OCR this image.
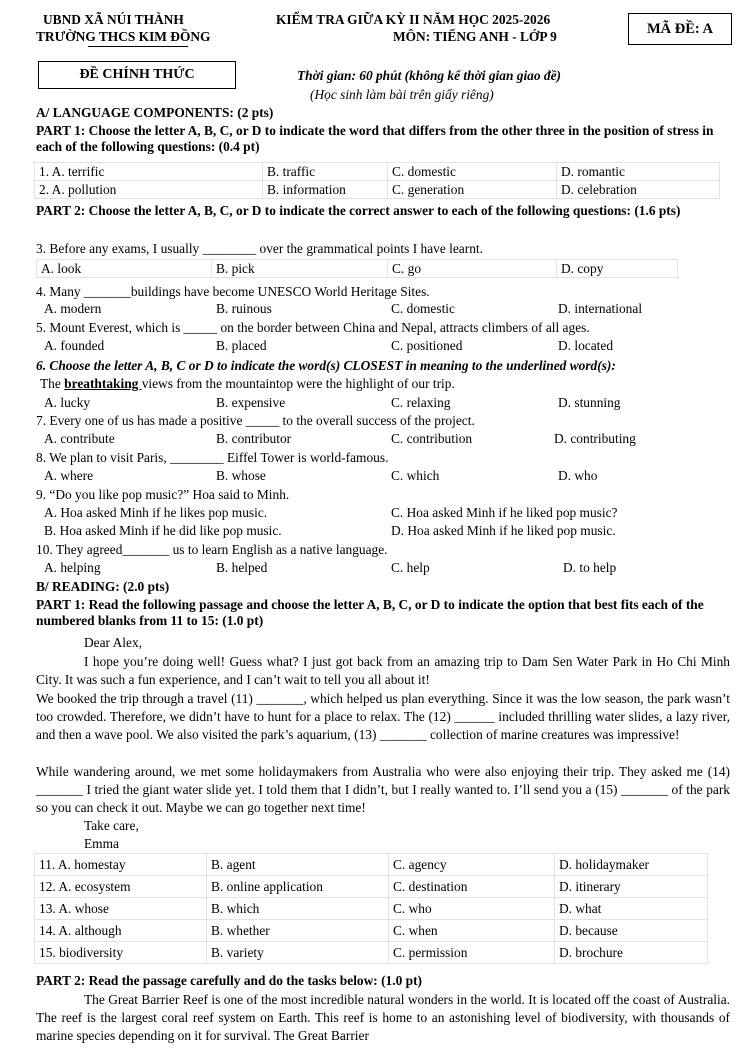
UBND XÃ NÚI THÀNH
TRƯỜNG THCS KIM ĐỒNG
KIỂM TRA GIỮA KỲ II NĂM HỌC 2025-2026
MÔN: TIẾNG ANH - LỚP 9	MÃ ĐỀ: A
ĐỀ CHÍNH THỨC	Thời gian: 60 phút (không kể thời gian giao đề)
(Học sinh làm bài trên giấy riêng)
A/ LANGUAGE COMPONENTS: (2 pts)
PART 1: Choose the letter A, B, C, or D to indicate the word that differs from the other three in the position of stress in each of the following questions: (0.4 pt)
1. A. terrific	B. traffic	C. domestic	D. romantic
2. A. pollution	B. information	C. generation	D. celebration
PART 2: Choose the letter A, B, C, or D to indicate the correct answer to each of the following questions: (1.6 pts)
3. Before any exams, I usually ________ over the grammatical points I have learnt.
A. look	B. pick	C. go	D. copy
4. Many _______buildings have become UNESCO World Heritage Sites.
A. modern	B. ruinous	C. domestic	D. international
5. Mount Everest, which is _____ on the border between China and Nepal, attracts climbers of all ages.
A. founded	B. placed	C. positioned	D. located
6. Choose the letter A, B, C or D to indicate the word(s) CLOSEST in meaning to the underlined word(s):
The breathtaking views from the mountaintop were the highlight of our trip.
A. lucky	B. expensive	C. relaxing	D. stunning
7. Every one of us has made a positive _____ to the overall success of the project.
A. contribute	B. contributor	C. contribution	D. contributing
8. We plan to visit Paris, ________ Eiffel Tower is world-famous.
A. where	B. whose	C. which	D. who
9. “Do you like pop music?” Hoa said to Minh.
A. Hoa asked Minh if he likes pop music.	C. Hoa asked Minh if he liked pop music?
B. Hoa asked Minh if he did like pop music.	D. Hoa asked Minh if he liked pop music.
10. They agreed_______ us to learn English as a native language.
A. helping	B. helped	C. help	D. to help
B/ READING: (2.0 pts)
PART 1: Read the following passage and choose the letter A, B, C, or D to indicate the option that best fits each of the numbered blanks from 11 to 15: (1.0 pt)
Dear Alex,
I hope you’re doing well! Guess what? I just got back from an amazing trip to Dam Sen Water Park in Ho Chi Minh City. It was such a fun experience, and I can’t wait to tell you all about it!
We booked the trip through a travel (11) _______, which helped us plan everything. Since it was the low season, the park wasn’t too crowded. Therefore, we didn’t have to hunt for a place to relax. The (12) ______ included thrilling water slides, a lazy river, and then a wave pool. We also visited the park’s aquarium, (13) _______ collection of marine creatures was impressive!
While wandering around, we met some holidaymakers from Australia who were also enjoying their trip. They asked me (14) _______ I tried the giant water slide yet. I told them that I didn’t, but I really wanted to. I’ll send you a (15) _______ of the park so you can check it out. Maybe we can go together next time!
Take care,
Emma
11. A. homestay	B. agent	C. agency	D. holidaymaker
12. A. ecosystem	B. online application	C. destination	D. itinerary
13. A. whose	B. which	C. who	D. what
14. A. although	B. whether	C. when	D. because
15. biodiversity	B. variety	C. permission	D. brochure
PART 2: Read the passage carefully and do the tasks below: (1.0 pt)
The Great Barrier Reef is one of the most incredible natural wonders in the world. It is located off the coast of Australia. The reef is the largest coral reef system on Earth. This reef is home to an astonishing level of biodiversity, with thousands of marine species depending on it for survival. The Great Barrier
